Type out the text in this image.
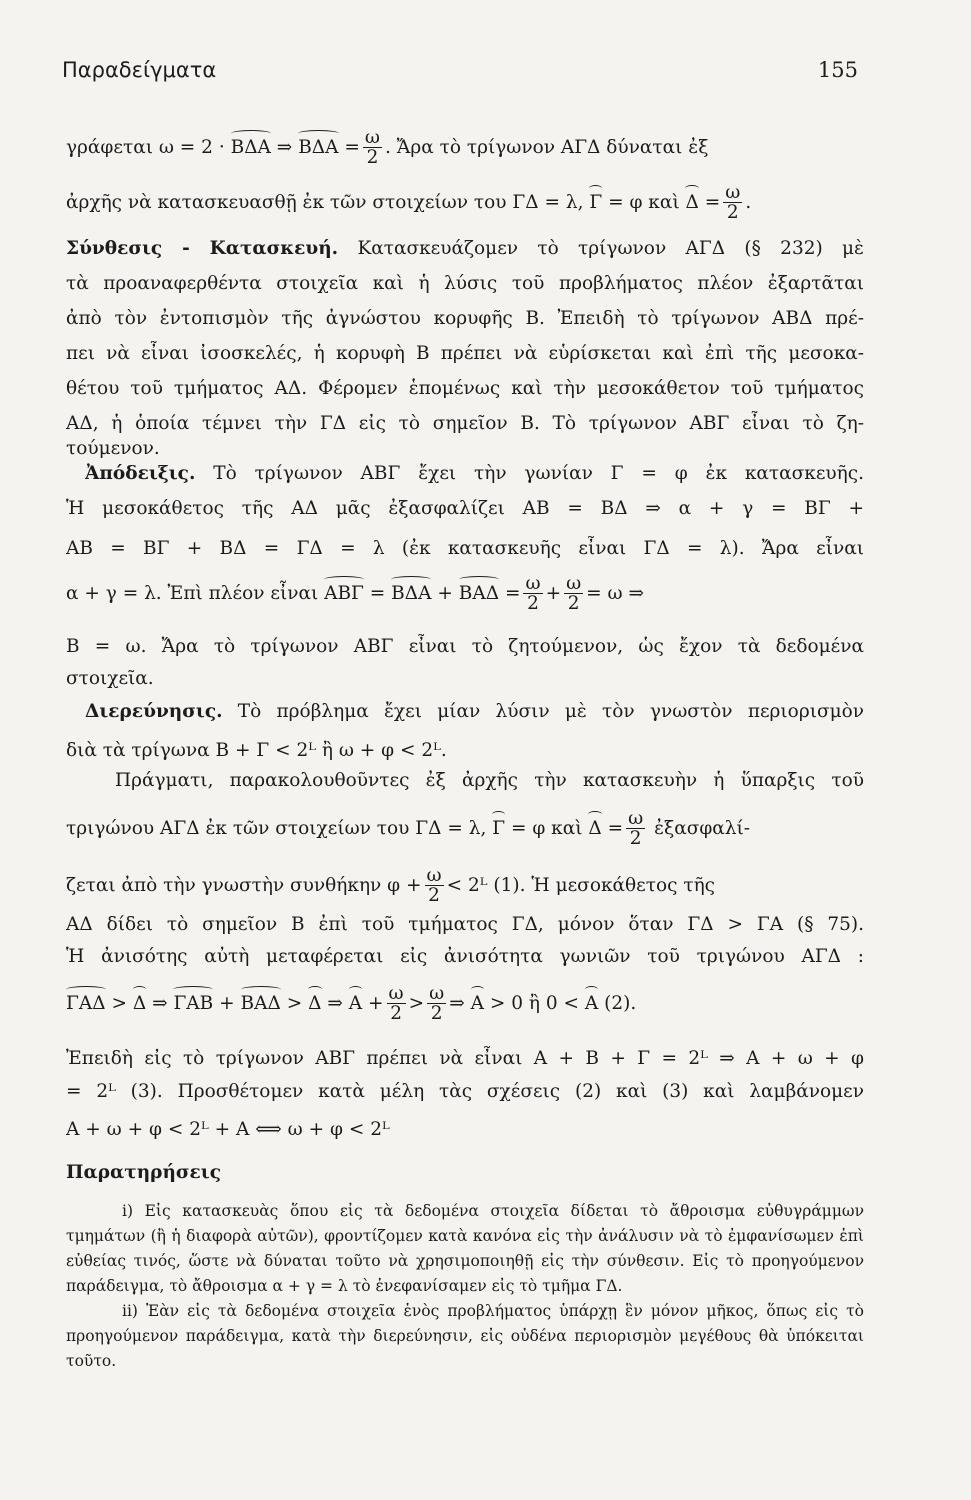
Παραδείγματα	155
γράφεται ω = 2 · BΔA ⇒ $B\Delta A = \frac{\omega}{2}$ . Ἄρα τὸ τρίγωνον ΑΓΔ δύναται ἐξ
ἀρχῆς νὰ κατασκευασθῇ ἐκ τῶν στοιχείων του ΓΔ = λ, Γ = φ καὶ $\Delta = \frac{\omega}{2}$ .
Σύνθεσις - Κατασκευή. Κατασκευάζομεν τὸ τρίγωνον ΑΓΔ (§ 232) μὲ
τὰ προαναφερθέντα στοιχεῖα καὶ ἡ λύσις τοῦ προβλήματος πλέον ἐξαρτᾶται
ἀπὸ τὸν ἐντοπισμὸν τῆς ἀγνώστου κορυφῆς Β. Ἐπειδὴ τὸ τρίγωνον ΑΒΔ πρέ-
πει νὰ εἶναι ἰσοσκελές, ἡ κορυφὴ Β πρέπει νὰ εὑρίσκεται καὶ ἐπὶ τῆς μεσοκα-
θέτου τοῦ τμήματος ΑΔ. Φέρομεν ἑπομένως καὶ τὴν μεσοκάθετον τοῦ τμήματος
ΑΔ, ἡ ὁποία τέμνει τὴν ΓΔ εἰς τὸ σημεῖον Β. Τὸ τρίγωνον ΑΒΓ εἶναι τὸ ζη-
τούμενον.
Ἀπόδειξις. Τὸ τρίγωνον ΑΒΓ ἔχει τὴν γωνίαν Γ = φ ἐκ κατασκευῆς.
Ἡ μεσοκάθετος τῆς ΑΔ μᾶς ἐξασφαλίζει ΑΒ = ΒΔ ⇒ α + γ = ΒΓ +
ΑΒ = ΒΓ + ΒΔ = ΓΔ = λ (ἐκ κατασκευῆς εἶναι ΓΔ = λ). Ἄρα εἶναι
α + γ = λ. Ἐπὶ πλέον εἶναι $AB\Gamma = B\Delta A + BA\Delta = \frac{\omega}{2} + \frac{\omega}{2} = \omega$ ⇒
Β = ω. Ἄρα τὸ τρίγωνον ΑΒΓ εἶναι τὸ ζητούμενον, ὡς ἔχον τὰ δεδομένα
στοιχεῖα.
Διερεύνησις. Τὸ πρόβλημα ἔχει μίαν λύσιν μὲ τὸν γνωστὸν περιορισμὸν
διὰ τὰ τρίγωνα Β + Γ < 2ᴸ ἢ ω + φ < 2ᴸ.
Πράγματι, παρακολουθοῦντες ἐξ ἀρχῆς τὴν κατασκευὴν ἡ ὕπαρξις τοῦ
τριγώνου ΑΓΔ ἐκ τῶν στοιχείων του ΓΔ = λ, Γ = φ καὶ $\Delta = \frac{\omega}{2}$ ἐξασφαλί-
ζεται ἀπὸ τὴν γνωστὴν συνθήκην $\varphi + \frac{\omega}{2}$ < 2ᴸ (1). Ἡ μεσοκάθετος τῆς
ΑΔ δίδει τὸ σημεῖον Β ἐπὶ τοῦ τμήματος ΓΔ, μόνον ὅταν ΓΔ > ΓΑ (§ 75).
Ἡ ἀνισότης αὐτὴ μεταφέρεται εἰς ἀνισότητα γωνιῶν τοῦ τριγώνου ΑΓΔ :
ΓΑΔ > Δ ⇒ ΓΑΒ + ΒΑΔ > Δ ⇒ $A + \frac{\omega}{2} > \frac{\omega}{2}$ ⇒ Α > 0 ἢ 0 < Α (2).
Ἐπειδὴ εἰς τὸ τρίγωνον ΑΒΓ πρέπει νὰ εἶναι Α + Β + Γ = 2ᴸ ⇒ Α + ω + φ
= 2ᴸ (3). Προσθέτομεν κατὰ μέλη τὰς σχέσεις (2) καὶ (3) καὶ λαμβάνομεν
Α + ω + φ < 2ᴸ + Α ⟺ ω + φ < 2ᴸ
Παρατηρήσεις

i) Εἰς κατασκευὰς ὅπου εἰς τὰ δεδομένα στοιχεῖα δίδεται τὸ ἄθροισμα εὐθυγράμμων τμημάτων (ἢ ἡ διαφορὰ αὐτῶν), φροντίζομεν κατὰ κανόνα εἰς τὴν ἀνάλυσιν νὰ τὸ ἐμφανίσωμεν ἐπὶ εὐθείας τινός, ὥστε νὰ δύναται τοῦτο νὰ χρησιμοποιηθῇ εἰς τὴν σύνθεσιν. Εἰς τὸ προηγούμενον παράδειγμα, τὸ ἄθροισμα α + γ = λ τὸ ἐνεφανίσαμεν εἰς τὸ τμῆμα ΓΔ.

ii) Ἐὰν εἰς τὰ δεδομένα στοιχεῖα ἑνὸς προβλήματος ὑπάρχῃ ἓν μόνον μῆκος, ὅπως εἰς τὸ προηγούμενον παράδειγμα, κατὰ τὴν διερεύνησιν, εἰς οὐδένα περιορισμὸν μεγέθους θὰ ὑπόκειται τοῦτο.
